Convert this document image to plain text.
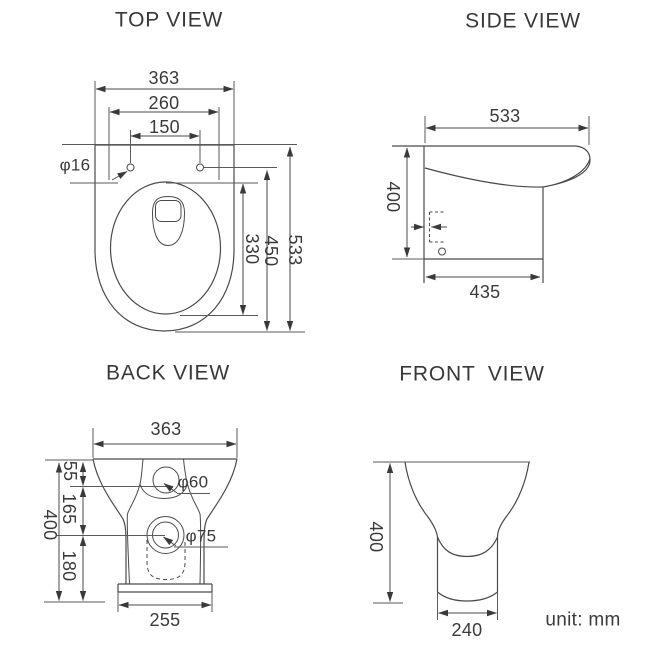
TOP VIEW	SIDE VIEW
BACK VIEW	FRONT VIEW
363
260
150
φ16
330 450 533
533
400
435
363
55
165
180
400
φ60
φ75
255
400
240	unit: mm
